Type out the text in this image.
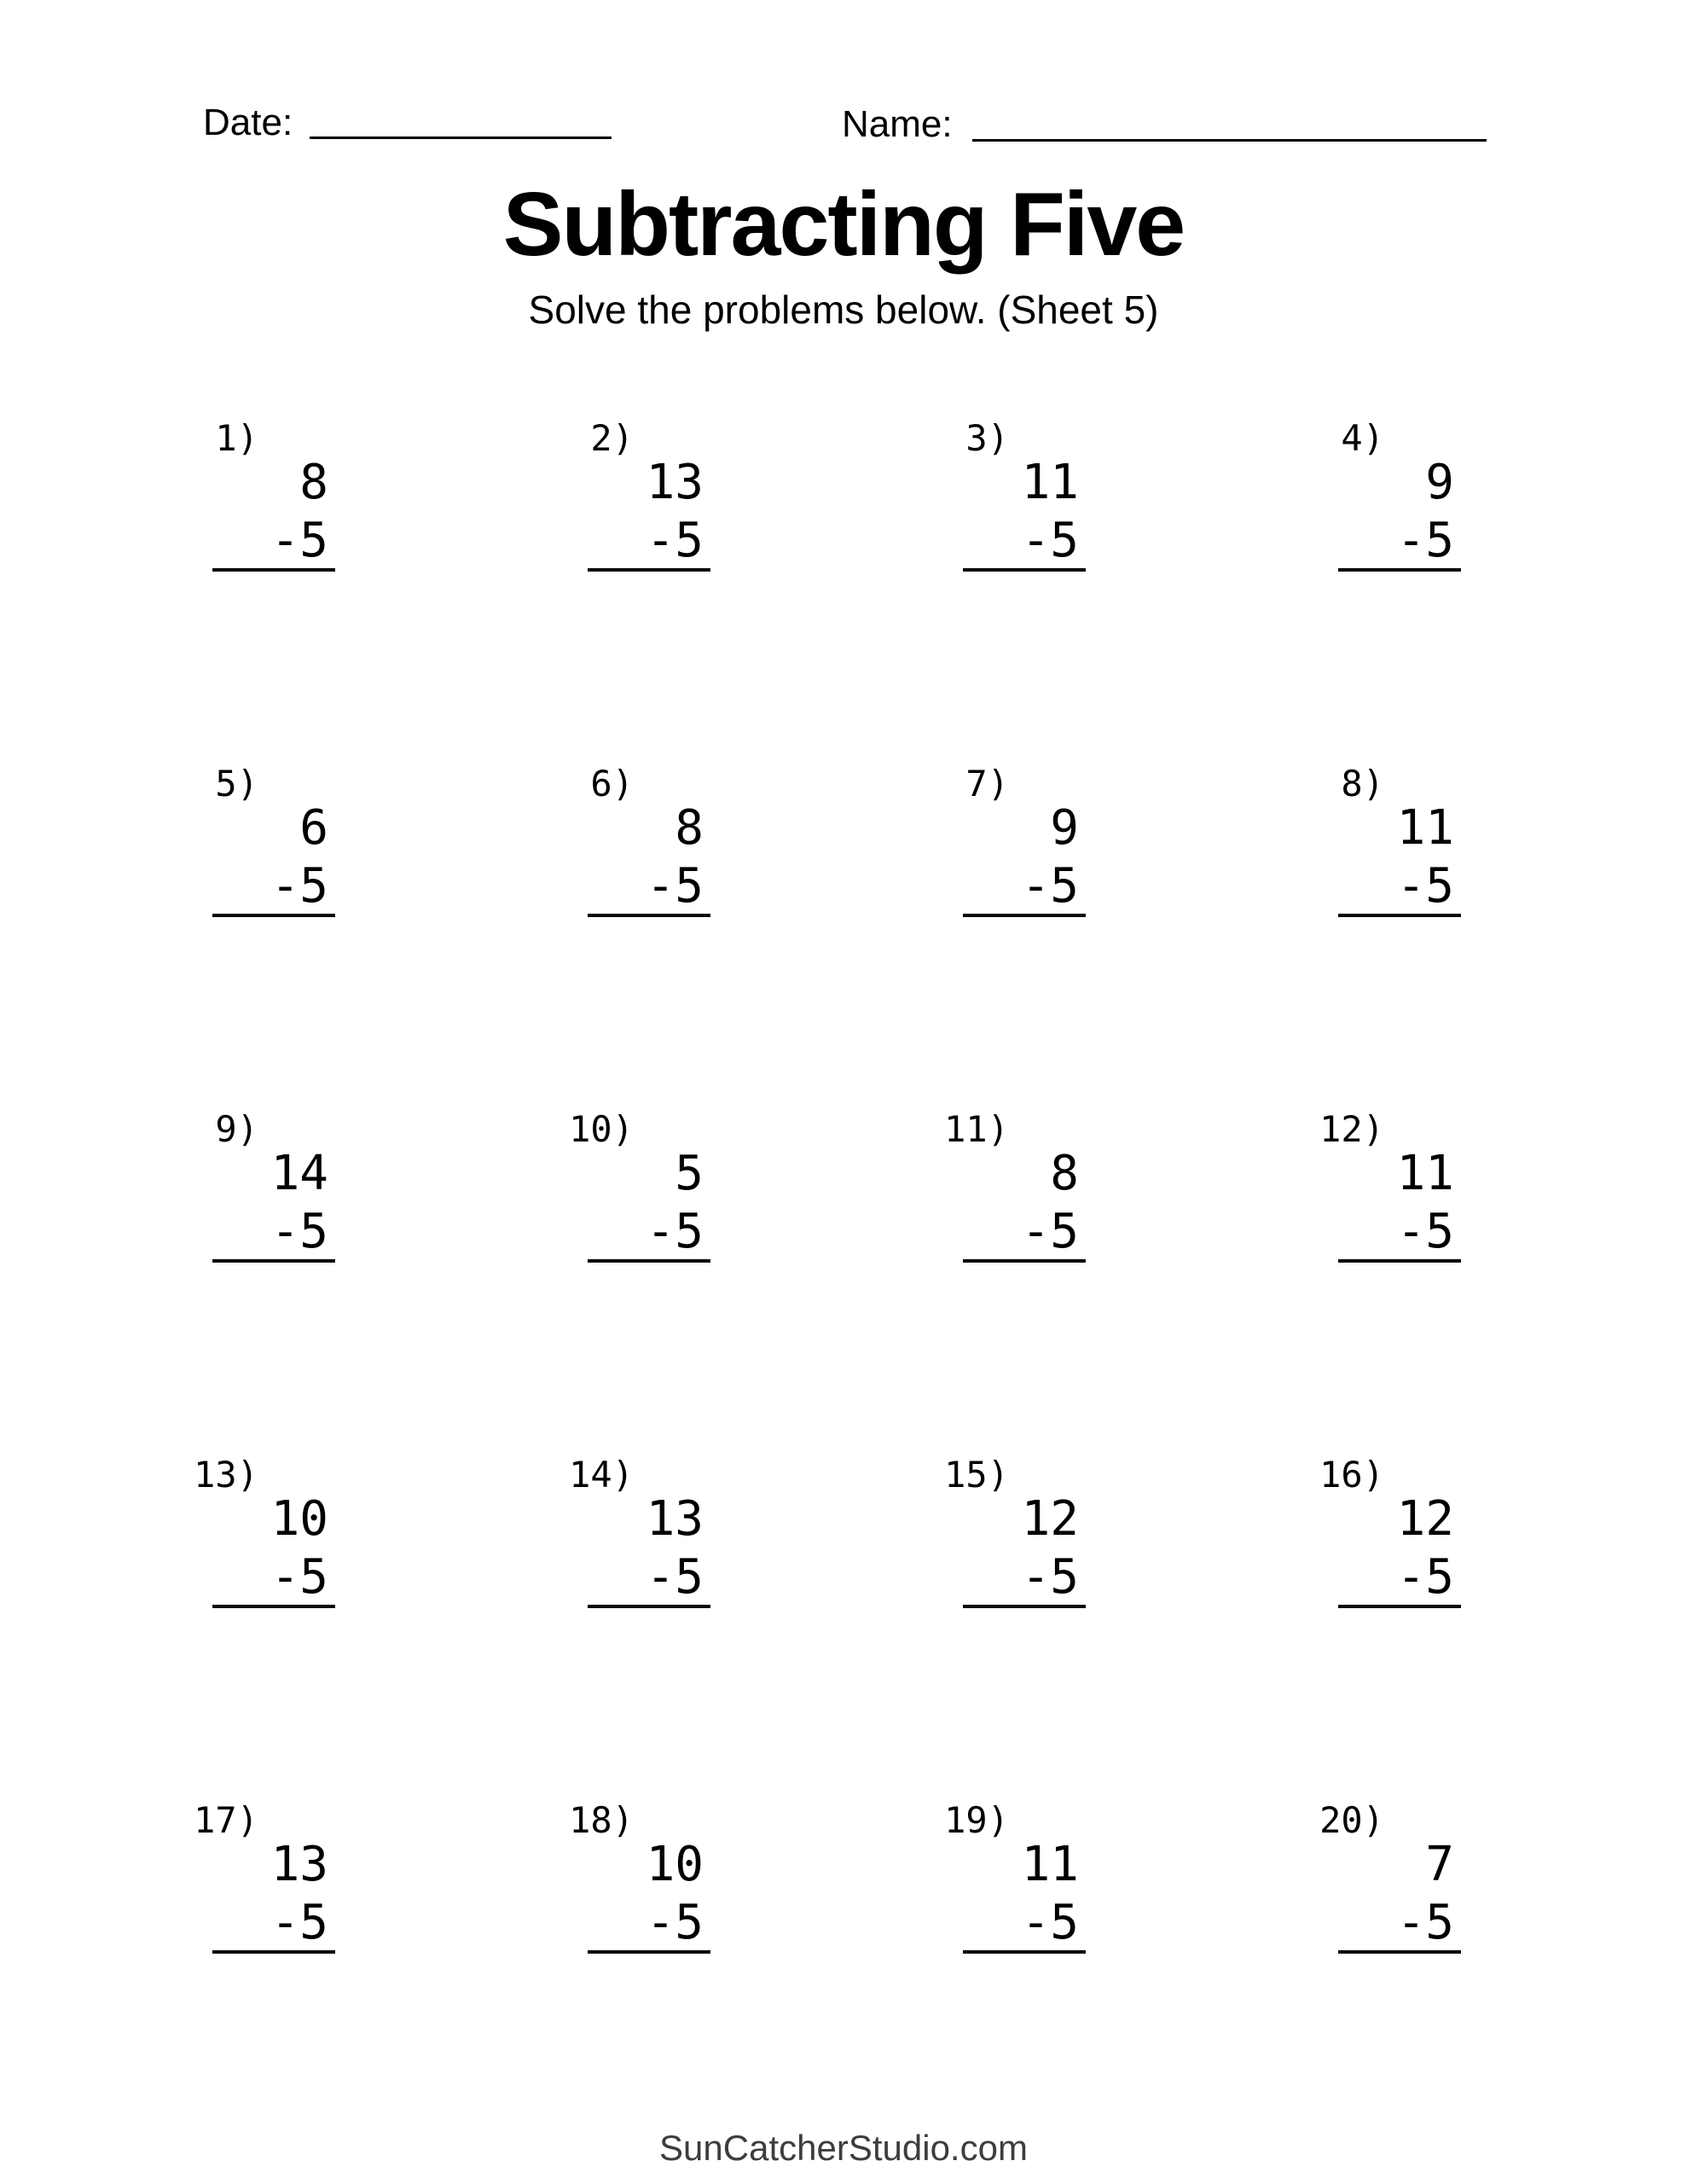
Date:	Name:
Subtracting Five
Solve the problems below. (Sheet 5)
1)
8
-5
2)
13
-5
3)
11
-5
4)
9
-5
5)
6
-5
6)
8
-5
7)
9
-5
8)
11
-5
9)
14
-5
10)
5
-5
11)
8
-5
12)
11
-5
13)
10
-5
14)
13
-5
15)
12
-5
16)
12
-5
17)
13
-5
18)
10
-5
19)
11
-5
20)
7
-5
SunCatcherStudio.com
